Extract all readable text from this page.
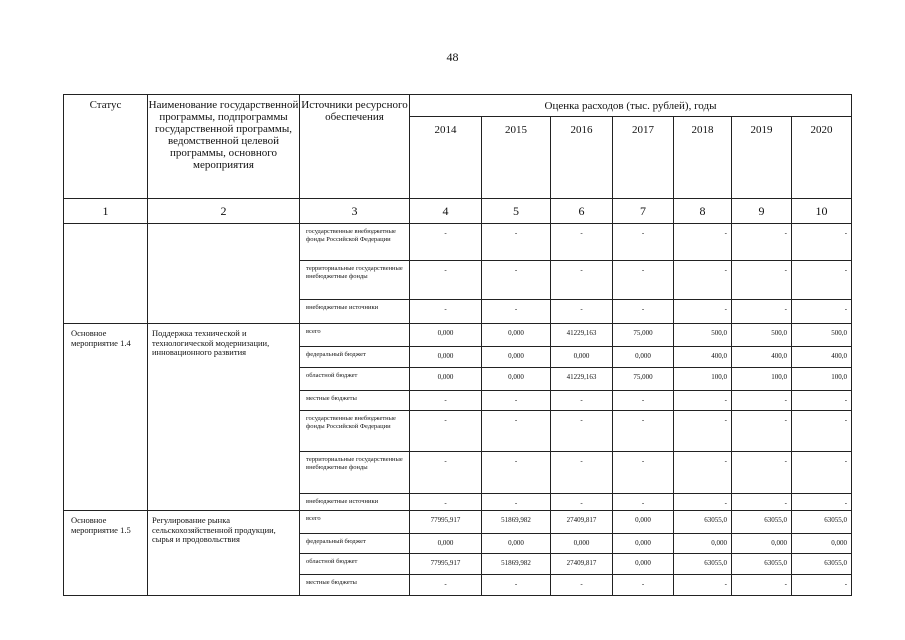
48
Статус	Наименование государственной программы, подпрограммы государственной программы, ведомственной целевой программы, основного мероприятия	Источники ресурсного обеспечения	Оценка расходов (тыс. рублей), годы						
			2014	2015	2016	2017	2018	2019	2020
1	2	3	4	5	6	7	8	9	10
		государственные внебюджетные фонды Российской Федерации	-	-	-	-	-	-	-
		территориальные государственные внебюджетные фонды	-	-	-	-	-	-	-
		внебюджетные источники	-	-	-	-	-	-	-
Основное мероприятие 1.4	Поддержка технической и технологической модернизации, инновационного развития	всего	0,000	0,000	41229,163	75,000	500,0	500,0	500,0
		федеральный бюджет	0,000	0,000	0,000	0,000	400,0	400,0	400,0
		областной бюджет	0,000	0,000	41229,163	75,000	100,0	100,0	100,0
		местные бюджеты	-	-	-	-	-	-	-
		государственные внебюджетные фонды Российской Федерации	-	-	-	-	-	-	-
		территориальные государственные внебюджетные фонды	-	-	-	-	-	-	-
		внебюджетные источники	-	-	-	-	-	-	-
Основное мероприятие 1.5	Регулирование рынка сельскохозяйственной продукции, сырья и продовольствия	всего	77995,917	51869,982	27409,817	0,000	63055,0	63055,0	63055,0
		федеральный бюджет	0,000	0,000	0,000	0,000	0,000	0,000	0,000
		областной бюджет	77995,917	51869,982	27409,817	0,000	63055,0	63055,0	63055,0
		местные бюджеты	-	-	-	-	-	-	-
